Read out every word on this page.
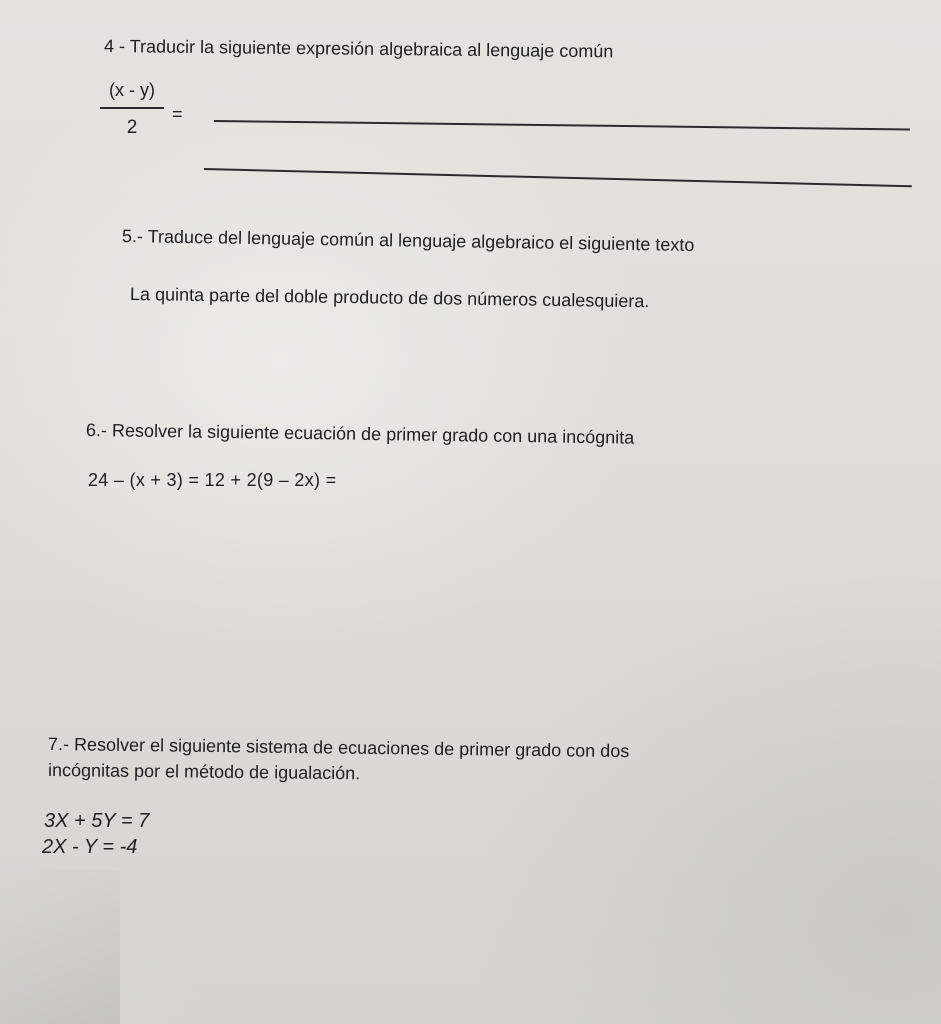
4 - Traducir la siguiente expresión algebraica al lenguaje común
(x - y)
2
=
5.- Traduce del lenguaje común al lenguaje algebraico el siguiente texto
La quinta parte del doble producto de dos números cualesquiera.
6.- Resolver la siguiente ecuación de primer grado con una incógnita
24 – (x + 3) = 12 + 2(9 – 2x) =
7.- Resolver el siguiente sistema de ecuaciones de primer grado con dos
incógnitas por el método de igualación.
3X + 5Y = 7
2X - Y = -4
